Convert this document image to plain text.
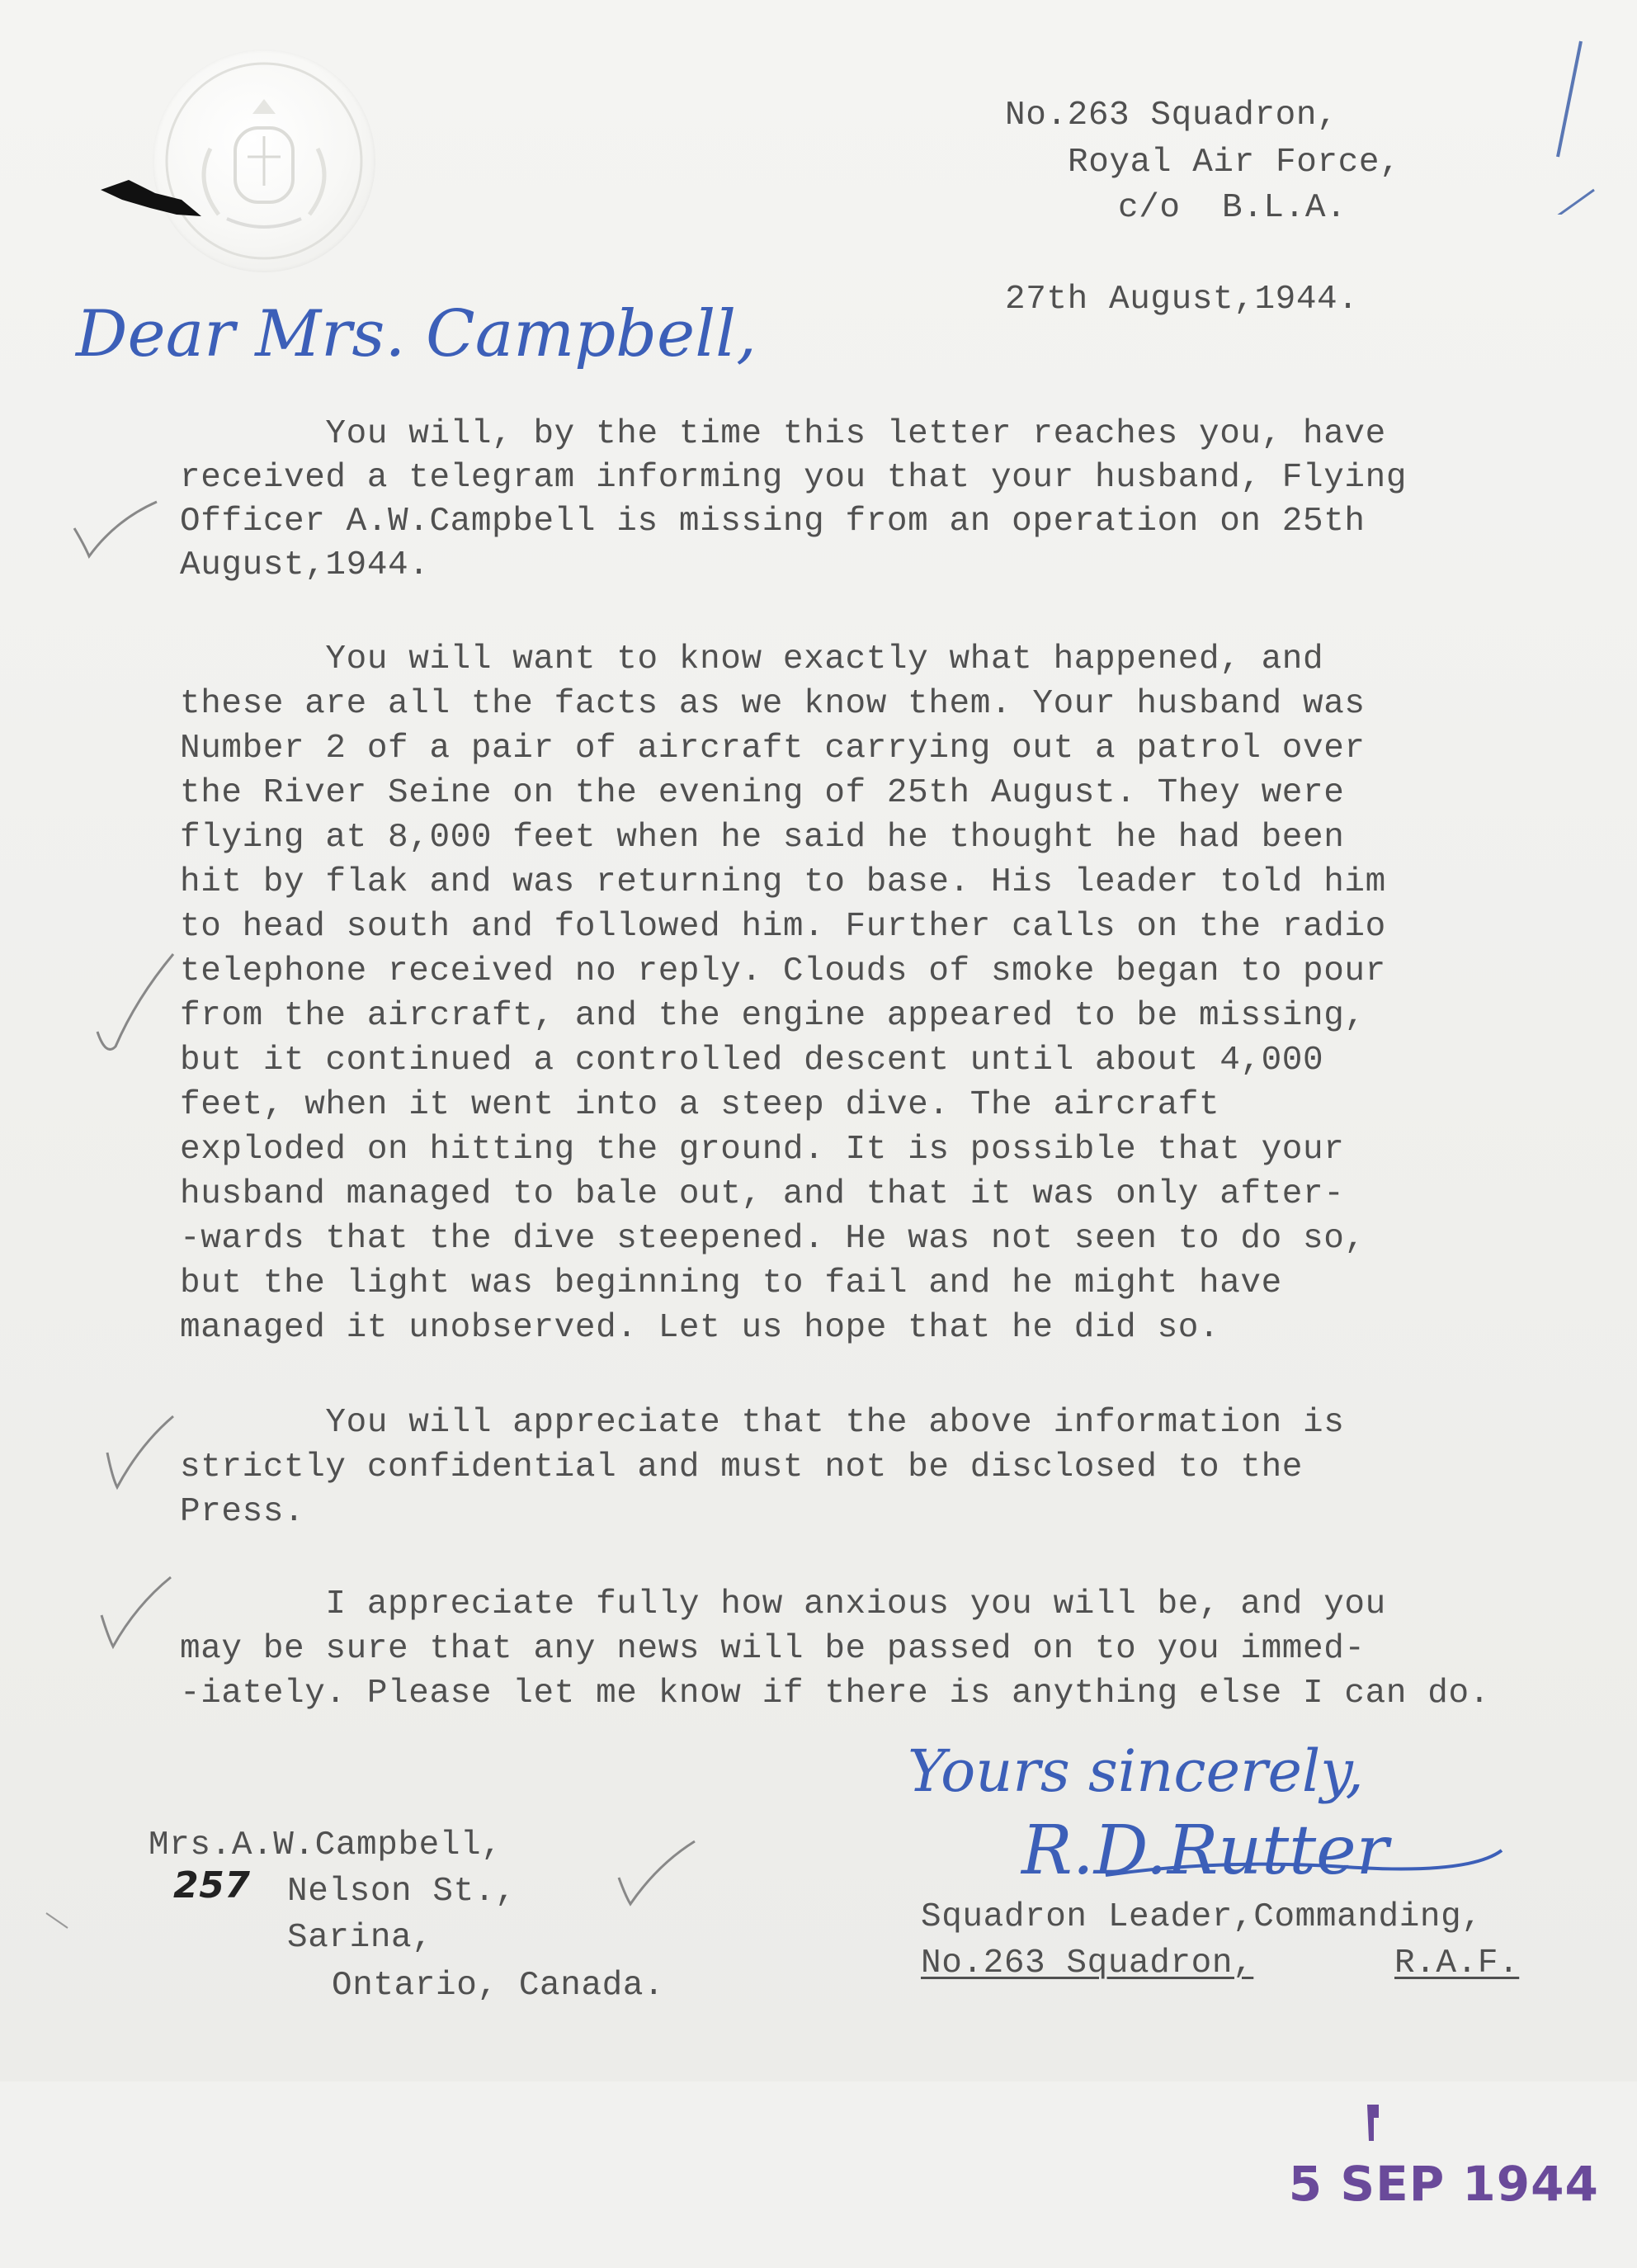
No.263 Squadron,
Royal Air Force,
c/o  B.L.A.
27th August,1944.
Dear Mrs. Campbell,
You will, by the time this letter reaches you, have
received a telegram informing you that your husband, Flying
Officer A.W.Campbell is missing from an operation on 25th
August,1944.
You will want to know exactly what happened, and
these are all the facts as we know them. Your husband was
Number 2 of a pair of aircraft carrying out a patrol over
the River Seine on the evening of 25th August. They were
flying at 8,000 feet when he said he thought he had been
hit by flak and was returning to base. His leader told him
to head south and followed him. Further calls on the radio
telephone received no reply. Clouds of smoke began to pour
from the aircraft, and the engine appeared to be missing,
but it continued a controlled descent until about 4,000
feet, when it went into a steep dive. The aircraft
exploded on hitting the ground. It is possible that your
husband managed to bale out, and that it was only after-
-wards that the dive steepened. He was not seen to do so,
but the light was beginning to fail and he might have
managed it unobserved. Let us hope that he did so.
You will appreciate that the above information is
strictly confidential and must not be disclosed to the
Press.
I appreciate fully how anxious you will be, and you
may be sure that any news will be passed on to you immed-
-iately. Please let me know if there is anything else I can do.
Yours sincerely,
R.D.Rutter
Squadron Leader,Commanding,
No.263 Squadron,	R.A.F.
Mrs.A.W.Campbell,
257 Nelson St.,
Sarina,
Ontario, Canada.

5 SEP 1944
